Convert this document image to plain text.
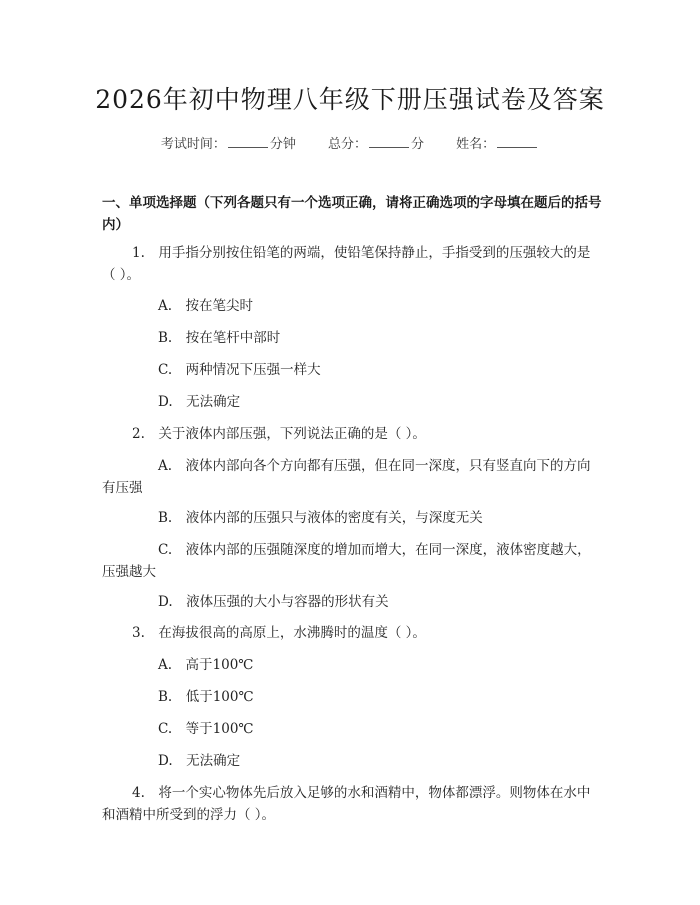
2026年初中物理八年级下册压强试卷及答案
考试时间：	分钟 总分：	分 姓名：
一、单项选择题（下列各题只有一个选项正确，请将正确选项的字母填在题后的括号内）
1.　用手指分别按住铅笔的两端，使铅笔保持静止，手指受到的压强较大的是（ ）。
A.　按在笔尖时
B.　按在笔杆中部时
C.　两种情况下压强一样大
D.　无法确定
2.　关于液体内部压强，下列说法正确的是（ ）。
A.　液体内部向各个方向都有压强，但在同一深度，只有竖直向下的方向有压强
B.　液体内部的压强只与液体的密度有关，与深度无关
C.　液体内部的压强随深度的增加而增大，在同一深度，液体密度越大，压强越大
D.　液体压强的大小与容器的形状有关
3.　在海拔很高的高原上，水沸腾时的温度（ ）。
A.　高于100℃
B.　低于100℃
C.　等于100℃
D.　无法确定
4.　将一个实心物体先后放入足够的水和酒精中，物体都漂浮。则物体在水中和酒精中所受到的浮力（ ）。
